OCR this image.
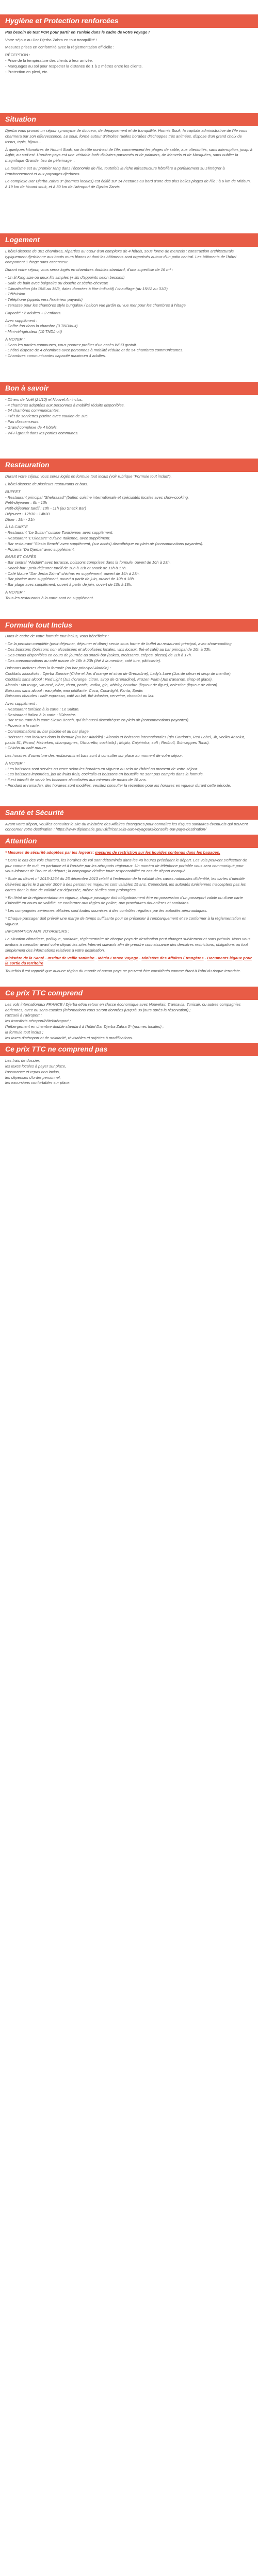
Hygiène et Protection renforcées

Pas besoin de test PCR pour partir en Tunisie dans le cadre de votre voyage !

Votre séjour au Dar Djerba Zahra en tout tranquillité !

Mesures prises en conformité avec la réglementation officielle :

RÉCEPTION :
- Prise de la température des clients à leur arrivée.
- Marquages au sol pour respecter la distance de 1 à 2 mètres entre les clients.
- Protection en plexi, etc.

Situation

Djerba vous promet un séjour synonyme de douceur, de dépaysement et de tranquillité. Hormis Souk, la capitale administrative de l'île vous charmera par son effervescence. Le souk, formé autour d'étroites ruelles bordées d'échoppes très animées, dispose d'un grand choix de tissus, tapis, bijoux...

À quelques kilomètres de Houmt Souk, sur la côte nord-est de l'île, commencent les plages de sable, aux ulteriorités, sans interruption, jusqu'à Aghir, au sud-est. L'arrière-pays est une véritable forêt d'oliviers parsemés et de palmiers, de Menzels et de Mosquées, sans oublier la magnifique Grande, lieu de pèlerinage...

La tourisme est au premier rang dans l'économie de l'île, toutefois la riche infrastructure hôtelière a parfaitement su s'intégrer à l'environnement et aux paysages djerbiens.

Le complexe Dar Djerba Zahra 3* (normes locales) est édifié sur 14 hectares au bord d'une des plus belles plages de l'île : à 6 km de Midoun, à 19 km de Houmt souk, et à 30 km de l'aéroport de Djerba Zarzis.

Logement

L'hôtel dispose de 301 chambres, réparties au cœur d'un complexe de 4 hôtels, sous forme de menzels : construction architecturale typiquement djerbienne aux bouts murs blancs et dont les bâtiments sont organisés autour d'un patio central. Les bâtiments de l'hôtel comportent 1 étage sans ascenseur.

Durant votre séjour, vous serez logés en chambres doubles standard, d'une superficie de 16 m² :

- Un lit King size ou deux lits simples (+ lits d'appoints selon besoins)
- Salle de bain avec baignoire ou douche et sèche-cheveux
- Climatisation (du 15/6 au 15/9, dates données à titre indicatif) / chauffage (du 15/12 au 31/3)
- Télévision
- Téléphone (appels vers l'extérieur payants)
- Terrasse pour les chambres style bungalow / balcon vue jardin ou vue mer pour les chambres à l'étage

Capacité : 2 adultes + 2 enfants.

Avec supplément :
- Coffre-fort dans la chambre (3 TND/nuit)
- Mini-réfrigérateur (10 TND/nuit)

À NOTER :
- Dans les parties communes, vous pourrez profiter d'un accès Wi-Fi gratuit.
- L'hôtel dispose de 4 chambres avec personnes à mobilité réduite et de 54 chambres communicantes.
- Chambres communicantes capacité maximum 4 adultes.

Bon à savoir

- Dîners de Noël (24/12) et Nouvel An inclus.
- 4 chambres adaptées aux personnes à mobilité réduite disponibles.
- 54 chambres communicantes.
- Prêt de serviettes piscine avec caution de 10€.
- Pas d'ascenseurs.
- Grand complexe de 4 hôtels.
- Wi-Fi gratuit dans les parties communes.

Restauration

Durant votre séjour, vous serez logés en formule tout inclus (voir rubrique "Formule tout inclus").

L'hôtel dispose de plusieurs restaurants et bars.

BUFFET
- Restaurant principal "Shehrazad" (buffet, cuisine internationale et spécialités locales avec show-cooking.
Petit-déjeuner : 6h - 10h
Petit-déjeuner tardif : 10h - 11h (au Snack Bar)
Déjeuner : 12h30 - 14h30
Dîner : 19h - 21h

À LA CARTE
- Restaurant "Le Sultan" cuisine Tunisienne, avec supplément.
- Restaurant "L'Oleastre" cuisine Italienne, avec supplément.
- Bar restaurant "Siesta Beach" avec supplément, (sur accès) discothèque en plein air (consommations payantes).
- Pizzeria "Da Djerba" avec supplément.

BARS ET CAFÉS
- Bar central "Aladdin" avec terrasse, boissons comprises dans la formule, ouvert de 10h à 23h.
- Snack-bar : petit-déjeuner tardif de 10h à 11h et snack de 11h à 17h.
- Café Maure "Dar Jerba Zahra" chichas en supplément, ouvert de 16h à 23h.
- Bar piscine avec supplément, ouvert à partir de juin, ouvert de 10h à 18h.
- Bar plage avec supplément, ouvert à partir de juin, ouvert de 10h à 18h.

À NOTER :
Tous les restaurants à la carte sont en supplément.

Formule tout Inclus

Dans le cadre de votre formule tout inclus, vous bénéficiez :

- De la pension complète (petit-déjeuner, déjeuner et dîner) servie sous forme de buffet au restaurant principal, avec show-cooking.
- Des boissons (boissons non alcoolisées et alcoolisées locales, vins locaux, thé et café) au bar principal de 10h à 23h.
- Des encas disponibles en cours de journée au snack-bar (cakes, croissants, crêpes, pizzas) de 11h à 17h.
- Des consommations au café maure de 16h à 23h (thé à la menthe, café turc, pâtisserie).

Boissons incluses dans la formule (au bar principal Aladdin) :
Cocktails alcoolisés : Djerba Sunrise (Cidre et Jus d'orange et sirop de Grenadine), Lady's Love (Jus de citron et sirop de menthe).
Cocktails sans alcool : Red Light (Jus d'orange, citron, sirop de Grenadine), Frozen Palm (Jus d'ananas, sirop et glace).
Alcools : vin rouge, vin rosé, bière, rhum, pastis, vodka, gin, whisky, bouchra (liqueur de figue), celestine (liqueur de citron).
Boissons sans alcool : eau plate, eau pétillante, Coca, Coca-light, Fanta, Sprite.
Boissons chaudes : café expresso, café au lait, thé infusion, verveine, chocolat au lait.

Avec supplément :
- Restaurant tunisien à la carte : Le Sultan.
- Restaurant Italien à la carte : l'Oleastre.
- Bar restaurant à la carte Siesta Beach, qui fait aussi discothèque en plein air (consommations payantes).
- Pizzeria à la carte.
- Consommations au bar piscine et au bar plage.
- Boissons non incluses dans la formule (au bar Aladdin) : Alcools et boissons internationales (gin Gordon's, Red Label, Jb, vodka Absolut, pastis 51, Ricard, Heineken, champagnes, l'Amaretto, cocktails) ; Mojito, Caipirinha, soft ; Redbull, Schweppes Tonic).
- Chicha au café maure.

Les horaires d'ouverture des restaurants et bars sont à consulter sur place au moment de votre séjour.

À NOTER :
- Les boissons sont servies au verre selon les horaires en vigueur au sein de l'hôtel au moment de votre séjour.
- Les boissons importées, jus de fruits frais, cocktails et boissons en bouteille ne sont pas compris dans la formule.
- Il est interdit de servir les boissons alcoolisées aux mineurs de moins de 18 ans.
- Pendant le ramadan, des horaires sont modifiés, veuillez consulter la réception pour les horaires en vigueur durant cette période.

Santé et Sécurité

Avant votre départ, veuillez consulter le site du ministère des Affaires étrangères pour connaître les risques sanitaires éventuels qui peuvent concerner votre destination : https://www.diplomatie.gouv.fr/fr/conseils-aux-voyageurs/conseils-par-pays-destination/

Attention

* Mesures de sécurité adoptées par les logeurs: mesures de restriction sur les liquides contenus dans les bagages.

* Dans le cas des vols charters, les horaires de vol sont déterminés dans les 48 heures précédant le départ. Les vols peuvent s'effectuer de jour comme de nuit, en partance et à l'arrivée par les aéroports régionaux. Un numéro de téléphone portable vous sera communiqué pour vous informer de l'heure du départ ; la compagnie décline toute responsabilité en cas de départ manqué.

* Suite au décret n° 2013-1264 du 23 décembre 2013 relatif à l'extension de la validité des cartes nationales d'identité, les cartes d'identité délivrées après le 2 janvier 2004 à des personnes majeures sont valables 15 ans. Cependant, les autorités tunisiennes n'acceptent pas les cartes dont la date de validité est dépassée, même si elles sont prolongées.

* En l'état de la réglementation en vigueur, chaque passager doit obligatoirement être en possession d'un passeport valide ou d'une carte d'identité en cours de validité, se conformer aux règles de police, aux procédures douanières et sanitaires.

* Les compagnies aériennes utilisées sont toutes soumises à des contrôles réguliers par les autorités aéronautiques.

* Chaque passager doit prévoir une marge de temps suffisante pour se présenter à l'embarquement et se conformer à la réglementation en vigueur.

INFORMATION AUX VOYAGEURS :

La situation climatique, politique, sanitaire, réglementaire de chaque pays de destination peut changer subitement et sans préavis. Nous vous invitons à consulter avant votre départ les sites Internet suivants afin de prendre connaissance des dernières restrictions, obligations ou tout simplement des informations relatives à votre destination.

Ministère de la Santé - Institut de veille sanitaire - Météo France Voyage - Ministère des Affaires Étrangères - Documents légaux pour la sortie du territoire

Toutefois il est rappelé que aucune région du monde ni aucun pays ne peuvent être considérés comme étant à l'abri du risque terroriste.

Ce prix TTC comprend

Les vols internationaux FRANCE / Djerba et/ou retour en classe économique avec Nouvelair, Transavia, Tunisair, ou autres compagnies aériennes, avec ou sans escales (informations vous seront données jusqu'à 30 jours après la réservation) ;
l'accueil à l'aéroport ;
les transferts aéroport/hôtel/aéroport ;
l'hébergement en chambre double standard à l'hôtel Dar Djerba Zahra 3* (normes locales) ;
la formule tout inclus ;
les taxes d'aéroport et de solidarité, révisables et sujettes à modifications.

Ce prix TTC ne comprend pas

Les frais de dossier,
les taxes locales à payer sur place,
l'assurance et repas non inclus,
les dépenses d'ordre personnel,
les excursions confortables sur place.
